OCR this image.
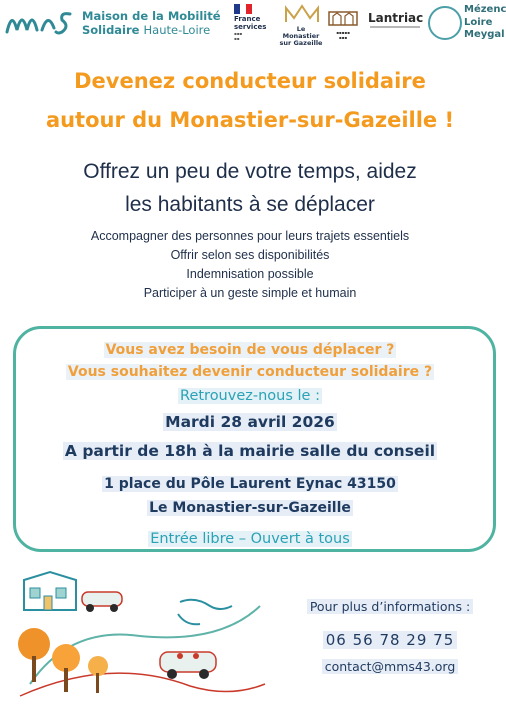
Maison de la Mobilité
Solidaire Haute-Loire
France services
▪▪▪
▪▪
Le
Monastier
sur Gazeille
▪▪▪▪▪
▪▪▪
Lantriac
Mézenc
Loire
Meygal
Devenez conducteur solidaire
autour du Monastier-sur-Gazeille !
Offrez un peu de votre temps, aidez
les habitants à se déplacer
Accompagner des personnes pour leurs trajets essentiels
Offrir selon ses disponibilités
Indemnisation possible
Participer à un geste simple et humain
Vous avez besoin de vous déplacer ?
Vous souhaitez devenir conducteur solidaire ?
Retrouvez-nous le :
Mardi 28 avril 2026
A partir de 18h à la mairie salle du conseil
1 place du Pôle Laurent Eynac 43150
Le Monastier-sur-Gazeille
Entrée libre – Ouvert à tous
Pour plus d’informations :
06 56 78 29 75
contact@mms43.org
